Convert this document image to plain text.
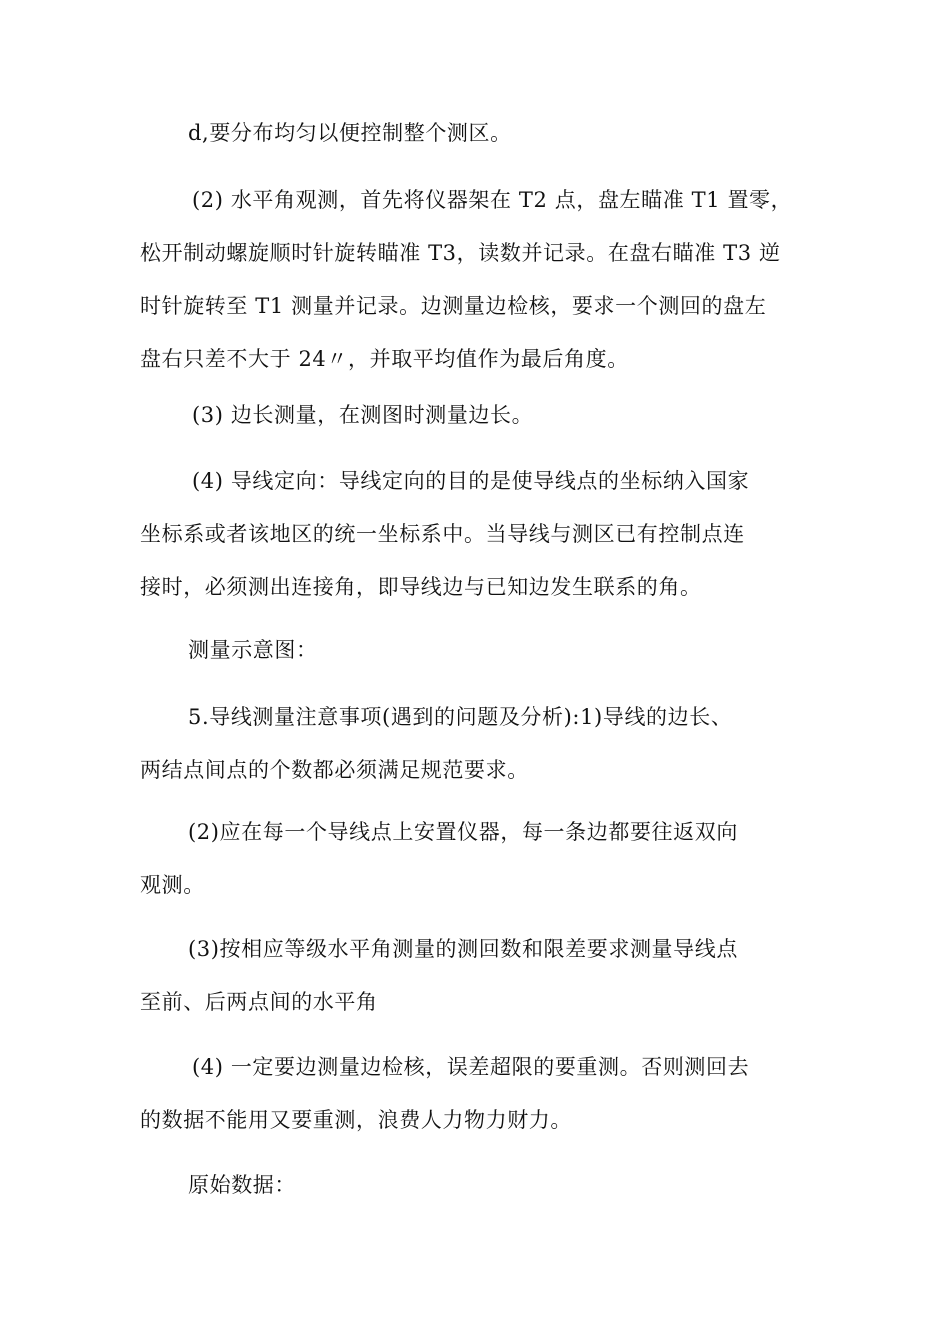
d,要分布均匀以便控制整个测区。

(2) 水平角观测，首先将仪器架在 T2 点，盘左瞄准 T1 置零，
松开制动螺旋顺时针旋转瞄准 T3，读数并记录。在盘右瞄准 T3 逆
时针旋转至 T1 测量并记录。边测量边检核，要求一个测回的盘左
盘右只差不大于 24〃，并取平均值作为最后角度。

(3) 边长测量，在测图时测量边长。

(4) 导线定向：导线定向的目的是使导线点的坐标纳入国家
坐标系或者该地区的统一坐标系中。当导线与测区已有控制点连
接时，必须测出连接角，即导线边与已知边发生联系的角。

测量示意图：

5.导线测量注意事项(遇到的问题及分析):1)导线的边长、
两结点间点的个数都必须满足规范要求。

(2)应在每一个导线点上安置仪器，每一条边都要往返双向
观测。

(3)按相应等级水平角测量的测回数和限差要求测量导线点
至前、后两点间的水平角

(4) 一定要边测量边检核，误差超限的要重测。否则测回去
的数据不能用又要重测，浪费人力物力财力。

原始数据：
